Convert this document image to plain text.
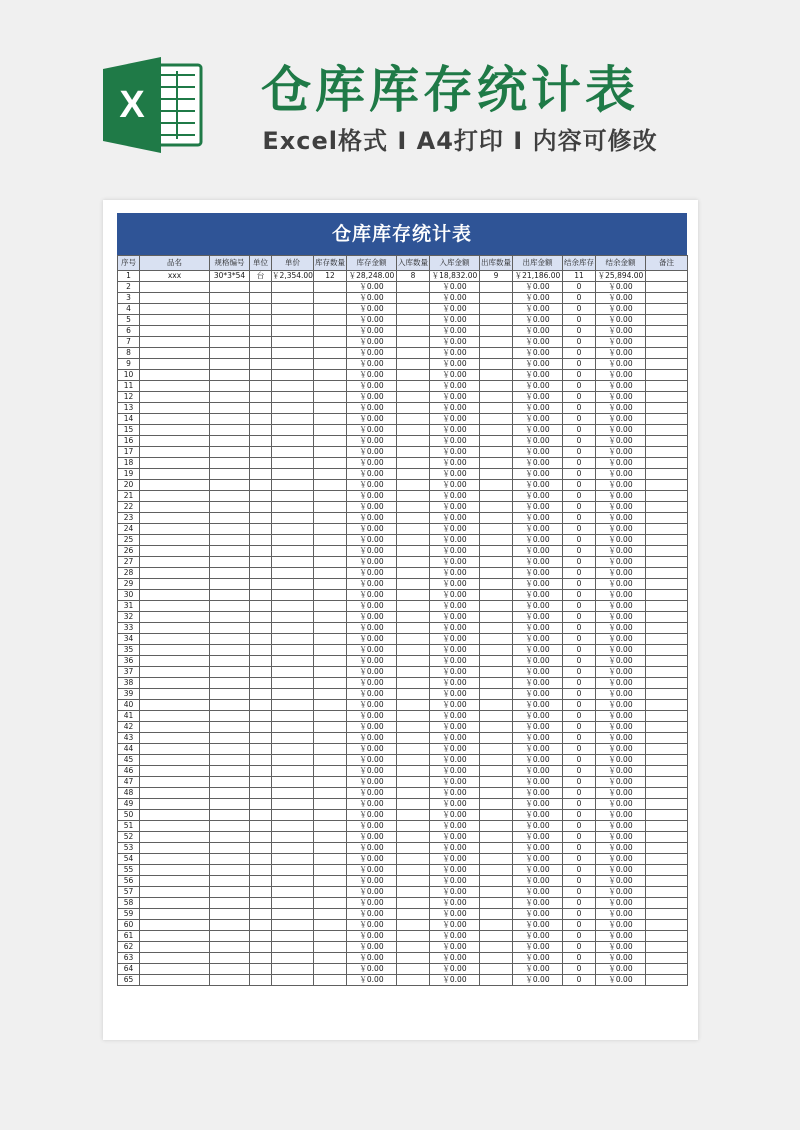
X	仓库库存统计表
Excel格式 I A4打印 I 内容可修改
仓库库存统计表
序号	品名	规格编号	单位	单价	库存数量	库存金额	入库数量	入库金额	出库数量	出库金额	结余库存	结余金额	备注
1	xxx	30*3*54	台	￥2,354.00	12	￥28,248.00	8	￥18,832.00	9	￥21,186.00	11	￥25,894.00	
2						￥0.00		￥0.00		￥0.00	0	￥0.00	
3						￥0.00		￥0.00		￥0.00	0	￥0.00	
4						￥0.00		￥0.00		￥0.00	0	￥0.00	
5						￥0.00		￥0.00		￥0.00	0	￥0.00	
6						￥0.00		￥0.00		￥0.00	0	￥0.00	
7						￥0.00		￥0.00		￥0.00	0	￥0.00	
8						￥0.00		￥0.00		￥0.00	0	￥0.00	
9						￥0.00		￥0.00		￥0.00	0	￥0.00	
10						￥0.00		￥0.00		￥0.00	0	￥0.00	
11						￥0.00		￥0.00		￥0.00	0	￥0.00	
12						￥0.00		￥0.00		￥0.00	0	￥0.00	
13						￥0.00		￥0.00		￥0.00	0	￥0.00	
14						￥0.00		￥0.00		￥0.00	0	￥0.00	
15						￥0.00		￥0.00		￥0.00	0	￥0.00	
16						￥0.00		￥0.00		￥0.00	0	￥0.00	
17						￥0.00		￥0.00		￥0.00	0	￥0.00	
18						￥0.00		￥0.00		￥0.00	0	￥0.00	
19						￥0.00		￥0.00		￥0.00	0	￥0.00	
20						￥0.00		￥0.00		￥0.00	0	￥0.00	
21						￥0.00		￥0.00		￥0.00	0	￥0.00	
22						￥0.00		￥0.00		￥0.00	0	￥0.00	
23						￥0.00		￥0.00		￥0.00	0	￥0.00	
24						￥0.00		￥0.00		￥0.00	0	￥0.00	
25						￥0.00		￥0.00		￥0.00	0	￥0.00	
26						￥0.00		￥0.00		￥0.00	0	￥0.00	
27						￥0.00		￥0.00		￥0.00	0	￥0.00	
28						￥0.00		￥0.00		￥0.00	0	￥0.00	
29						￥0.00		￥0.00		￥0.00	0	￥0.00	
30						￥0.00		￥0.00		￥0.00	0	￥0.00	
31						￥0.00		￥0.00		￥0.00	0	￥0.00	
32						￥0.00		￥0.00		￥0.00	0	￥0.00	
33						￥0.00		￥0.00		￥0.00	0	￥0.00	
34						￥0.00		￥0.00		￥0.00	0	￥0.00	
35						￥0.00		￥0.00		￥0.00	0	￥0.00	
36						￥0.00		￥0.00		￥0.00	0	￥0.00	
37						￥0.00		￥0.00		￥0.00	0	￥0.00	
38						￥0.00		￥0.00		￥0.00	0	￥0.00	
39						￥0.00		￥0.00		￥0.00	0	￥0.00	
40						￥0.00		￥0.00		￥0.00	0	￥0.00	
41						￥0.00		￥0.00		￥0.00	0	￥0.00	
42						￥0.00		￥0.00		￥0.00	0	￥0.00	
43						￥0.00		￥0.00		￥0.00	0	￥0.00	
44						￥0.00		￥0.00		￥0.00	0	￥0.00	
45						￥0.00		￥0.00		￥0.00	0	￥0.00	
46						￥0.00		￥0.00		￥0.00	0	￥0.00	
47						￥0.00		￥0.00		￥0.00	0	￥0.00	
48						￥0.00		￥0.00		￥0.00	0	￥0.00	
49						￥0.00		￥0.00		￥0.00	0	￥0.00	
50						￥0.00		￥0.00		￥0.00	0	￥0.00	
51						￥0.00		￥0.00		￥0.00	0	￥0.00	
52						￥0.00		￥0.00		￥0.00	0	￥0.00	
53						￥0.00		￥0.00		￥0.00	0	￥0.00	
54						￥0.00		￥0.00		￥0.00	0	￥0.00	
55						￥0.00		￥0.00		￥0.00	0	￥0.00	
56						￥0.00		￥0.00		￥0.00	0	￥0.00	
57						￥0.00		￥0.00		￥0.00	0	￥0.00	
58						￥0.00		￥0.00		￥0.00	0	￥0.00	
59						￥0.00		￥0.00		￥0.00	0	￥0.00	
60						￥0.00		￥0.00		￥0.00	0	￥0.00	
61						￥0.00		￥0.00		￥0.00	0	￥0.00	
62						￥0.00		￥0.00		￥0.00	0	￥0.00	
63						￥0.00		￥0.00		￥0.00	0	￥0.00	
64						￥0.00		￥0.00		￥0.00	0	￥0.00	
65						￥0.00		￥0.00		￥0.00	0	￥0.00	
